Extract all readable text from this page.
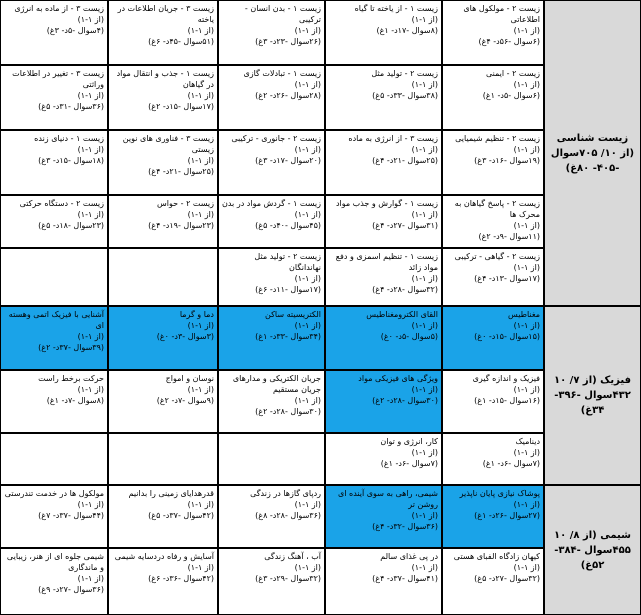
زیست شناسی (از ۱۰/ ۷۰۵سوال -۴۰۵- ۸۰غ)
زیست ۲ - مولکول های اطلاعاتی
(از ۱-۱)
(۶سوال -۵۶د- ۴غ)
زیست ۱ - از یاخته تا گیاه
(از ۱-۱)
(۸سوال -۱۷د- ۱غ)
زیست ۱ - بدن انسان - ترکیبی
(از ۱-۱)
(۲۶سوال -۲۳د- ۳غ)
زیست ۳ - جریان اطلاعات در یاخته
(از ۱-۱)
(۵۱سوال -۴۵د- ۶غ)
زیست ۳ - از ماده به انرژی
(از ۱-۱)
(۴سوال -۵د- ۳غ)
زیست ۲ - ایمنی
(از ۱-۱)
(۶سوال -۵د- ۱غ)
زیست ۲ - تولید مثل
(از ۱-۱)
(۳۸سوال -۳۳د- ۵غ)
زیست ۱ - تبادلات گازی
(از ۱-۱)
(۲۸سوال -۲۶د- ۲غ)
زیست ۱ - جذب و انتقال مواد در گیاهان
(از ۱-۱)
(۱۷سوال -۱۵د- ۲غ)
زیست ۳ - تغییر در اطلاعات وراثتی
(از ۱-۱)
(۳۶سوال -۳۱د- ۵غ)
زیست ۲ - تنظیم شیمیایی
(از ۱-۱)
(۱۹سوال -۱۶د- ۳غ)
زیست ۳ - از انرژی به ماده
(از ۱-۱)
(۲۵سوال -۲۱د- ۴غ)
زیست ۲ - جانوری - ترکیبی
(از ۱-۱)
(۲۰سوال -۱۷د- ۳غ)
زیست ۳ - فناوری های نوین زیستی
(از ۱-۱)
(۲۵سوال -۲۱د- ۴غ)
زیست ۱ - دنیای زنده
(از ۱-۱)
(۱۸سوال -۱۵د- ۳غ)
زیست ۲ - پاسخ گیاهان به محرک ها
(از ۱-۱)
(۱۱سوال -۹د- ۲غ)
زیست ۱ - گوارش و جذب مواد
(از ۱-۱)
(۳۱سوال -۲۷د- ۴غ)
زیست ۱ - گردش مواد در بدن
(از ۱-۱)
(۴۵سوال -۴۰د- ۵غ)
زیست ۲ - حواس
(از ۱-۱)
(۲۳سوال -۱۹د- ۴غ)
زیست ۲ - دستگاه حرکتی
(از ۱-۱)
(۲۳سوال -۱۸د- ۵غ)
زیست ۲ - گیاهی - ترکیبی
(از ۱-۱)
(۱۷سوال -۱۳د- ۴غ)
زیست ۱ - تنظیم اسمزی و دفع مواد زائد
(از ۱-۱)
(۳۲سوال -۲۸د- ۴غ)
زیست ۲ - تولید مثل نهاندانگان
(از ۱-۱)
(۱۷سوال -۱۱د- ۶غ)
فیزیک (از ۷/ ۱۰ ۴۳۲سوال -۳۹۶- ۳۴غ)
مغناطیس
(از ۱-۱)
(۱۵سوال -۱۵د- ۰غ)
القای الکترومغناطیس
(از ۱-۱)
(۵سوال -۵د- ۰غ)
الکتریسیته ساکن
(از ۱-۱)
(۳۴سوال -۳۳د- ۱غ)
دما و گرما
(از ۱-۱)
(۳سوال -۳د- ۰غ)
آشنایی با فیزیک اتمی وهسته ای
(از ۱-۱)
(۳۹سوال -۳۷د- ۲غ)
فیزیک و اندازه گیری
(از ۱-۱)
(۱۶سوال -۱۵د- ۱غ)
ویژگی های فیزیکی مواد
(از ۱-۱)
(۳۰سوال -۲۸د- ۲غ)
جریان الکتریکی و مدارهای جریان مستقیم
(از ۱-۱)
(۳۰سوال -۲۸د- ۲غ)
نوسان و امواج
(از ۱-۱)
(۹سوال -۷د- ۲غ)
حرکت برخط راست
(از ۱-۱)
(۸سوال -۷د- ۱غ)
دینامیک
(از ۱-۱)
(۷سوال -۶د- ۱غ)
کار، انرژی و توان
(از ۱-۱)
(۷سوال -۶د- ۱غ)
شیمی (از ۸/ ۱۰ ۴۵۵سوال -۳۸۴- ۵۲غ)
پوشاک نیازی پایان ناپذیر
(از ۱-۱)
(۲۷سوال -۲۶د- ۱غ)
شیمی، راهی به سوی آینده ای روشن تر
(از ۱-۱)
(۳۶سوال -۳۲د- ۴غ)
ردپای گازها در زندگی
(از ۱-۱)
(۳۶سوال -۲۸د- ۸غ)
قدرهدایای زمینی را بدانیم
(از ۱-۱)
(۴۲سوال -۳۷د- ۵غ)
مولکول ها در خدمت تندرستی
(از ۱-۱)
(۴۴سوال -۳۷د- ۷غ)
کیهان زادگاه الفبای هستی
(از ۱-۱)
(۳۲سوال -۲۷د- ۵غ)
در پی غذای سالم
(از ۱-۱)
(۴۱سوال -۳۷د- ۴غ)
آب ، آهنگ زندگی
(از ۱-۱)
(۳۲سوال -۲۹د- ۳غ)
آسایش و رفاه دردسایه شیمی
(از ۱-۱)
(۴۲سوال -۳۶د- ۶غ)
شیمی جلوه ای از هنر، زیبایی و ماندگاری
(از ۱-۱)
(۳۶سوال -۲۷د- ۹غ)
